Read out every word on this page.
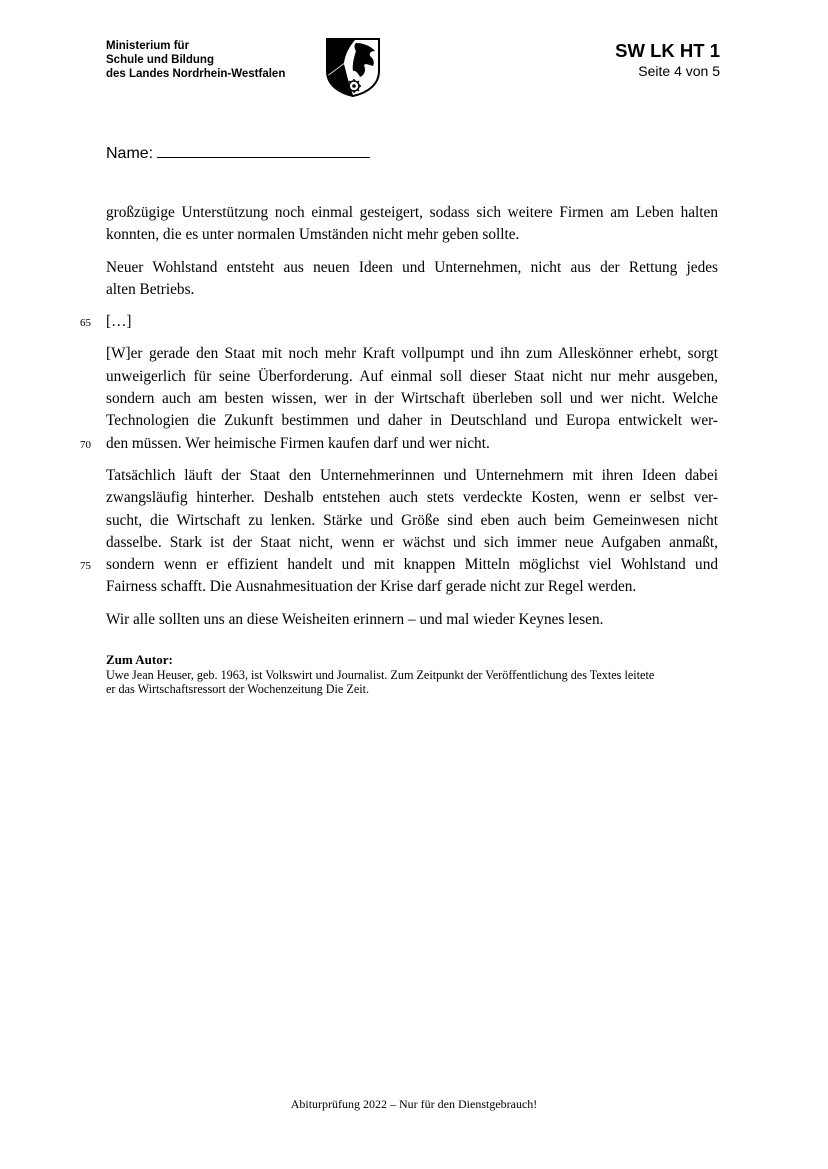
Ministerium für
Schule und Bildung
des Landes Nordrhein-Westfalen
SW LK HT 1
Seite 4 von 5
Name:

großzügige Unterstützung noch einmal gesteigert, sodass sich weitere Firmen am Leben halten
konnten, die es unter normalen Umständen nicht mehr geben sollte.

Neuer Wohlstand entsteht aus neuen Ideen und Unternehmen, nicht aus der Rettung jedes
alten Betriebs.

65 […]

[W]er gerade den Staat mit noch mehr Kraft vollpumpt und ihn zum Alleskönner erhebt, sorgt
unweigerlich für seine Überforderung. Auf einmal soll dieser Staat nicht nur mehr ausgeben,
sondern auch am besten wissen, wer in der Wirtschaft überleben soll und wer nicht. Welche
Technologien die Zukunft bestimmen und daher in Deutschland und Europa entwickelt wer-
70 den müssen. Wer heimische Firmen kaufen darf und wer nicht.

Tatsächlich läuft der Staat den Unternehmerinnen und Unternehmern mit ihren Ideen dabei
zwangsläufig hinterher. Deshalb entstehen auch stets verdeckte Kosten, wenn er selbst ver-
sucht, die Wirtschaft zu lenken. Stärke und Größe sind eben auch beim Gemeinwesen nicht
dasselbe. Stark ist der Staat nicht, wenn er wächst und sich immer neue Aufgaben anmaßt,
75 sondern wenn er effizient handelt und mit knappen Mitteln möglichst viel Wohlstand und
Fairness schafft. Die Ausnahmesituation der Krise darf gerade nicht zur Regel werden.

Wir alle sollten uns an diese Weisheiten erinnern – und mal wieder Keynes lesen.

Zum Autor:
Uwe Jean Heuser, geb. 1963, ist Volkswirt und Journalist. Zum Zeitpunkt der Veröffentlichung des Textes leitete
er das Wirtschaftsressort der Wochenzeitung Die Zeit.
Abiturprüfung 2022 – Nur für den Dienstgebrauch!
